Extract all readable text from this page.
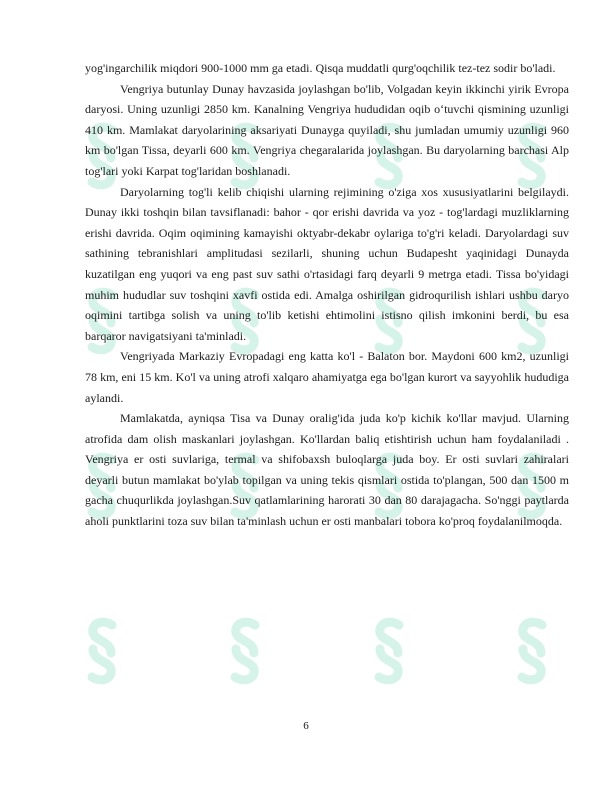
yog'ingarchilik miqdori 900-1000 mm ga etadi. Qisqa muddatli qurg'oqchilik tez-tez sodir bo'ladi.

Vengriya butunlay Dunay havzasida joylashgan bo'lib, Volgadan keyin ikkinchi yirik Evropa daryosi. Uning uzunligi 2850 km. Kanalning Vengriya hududidan oqib oʻtuvchi qismining uzunligi 410 km. Mamlakat daryolarining aksariyati Dunayga quyiladi, shu jumladan umumiy uzunligi 960 km bo'lgan Tissa, deyarli 600 km. Vengriya chegaralarida joylashgan. Bu daryolarning barchasi Alp tog'lari yoki Karpat tog'laridan boshlanadi.

Daryolarning tog'li kelib chiqishi ularning rejimining o'ziga xos xususiyatlarini belgilaydi. Dunay ikki toshqin bilan tavsiflanadi: bahor - qor erishi davrida va yoz - tog'lardagi muzliklarning erishi davrida. Oqim oqimining kamayishi oktyabr-dekabr oylariga to'g'ri keladi. Daryolardagi suv sathining tebranishlari amplitudasi sezilarli, shuning uchun Budapesht yaqinidagi Dunayda kuzatilgan eng yuqori va eng past suv sathi o'rtasidagi farq deyarli 9 metrga etadi. Tissa bo'yidagi muhim hududlar suv toshqini xavfi ostida edi. Amalga oshirilgan gidroqurilish ishlari ushbu daryo oqimini tartibga solish va uning to'lib ketishi ehtimolini istisno qilish imkonini berdi, bu esa barqaror navigatsiyani ta'minladi.

Vengriyada Markaziy Evropadagi eng katta ko'l - Balaton bor. Maydoni 600 km2, uzunligi 78 km, eni 15 km. Ko'l va uning atrofi xalqaro ahamiyatga ega bo'lgan kurort va sayyohlik hududiga aylandi.

Mamlakatda, ayniqsa Tisa va Dunay oralig'ida juda ko'p kichik ko'llar mavjud. Ularning atrofida dam olish maskanlari joylashgan. Ko'llardan baliq etishtirish uchun ham foydalaniladi . Vengriya er osti suvlariga, termal va shifobaxsh buloqlarga juda boy. Er osti suvlari zahiralari deyarli butun mamlakat bo'ylab topilgan va uning tekis qismlari ostida to'plangan, 500 dan 1500 m gacha chuqurlikda joylashgan.Suv qatlamlarining harorati 30 dan 80 darajagacha. So'nggi paytlarda aholi punktlarini toza suv bilan ta'minlash uchun er osti manbalari tobora ko'proq foydalanilmoqda.

6
